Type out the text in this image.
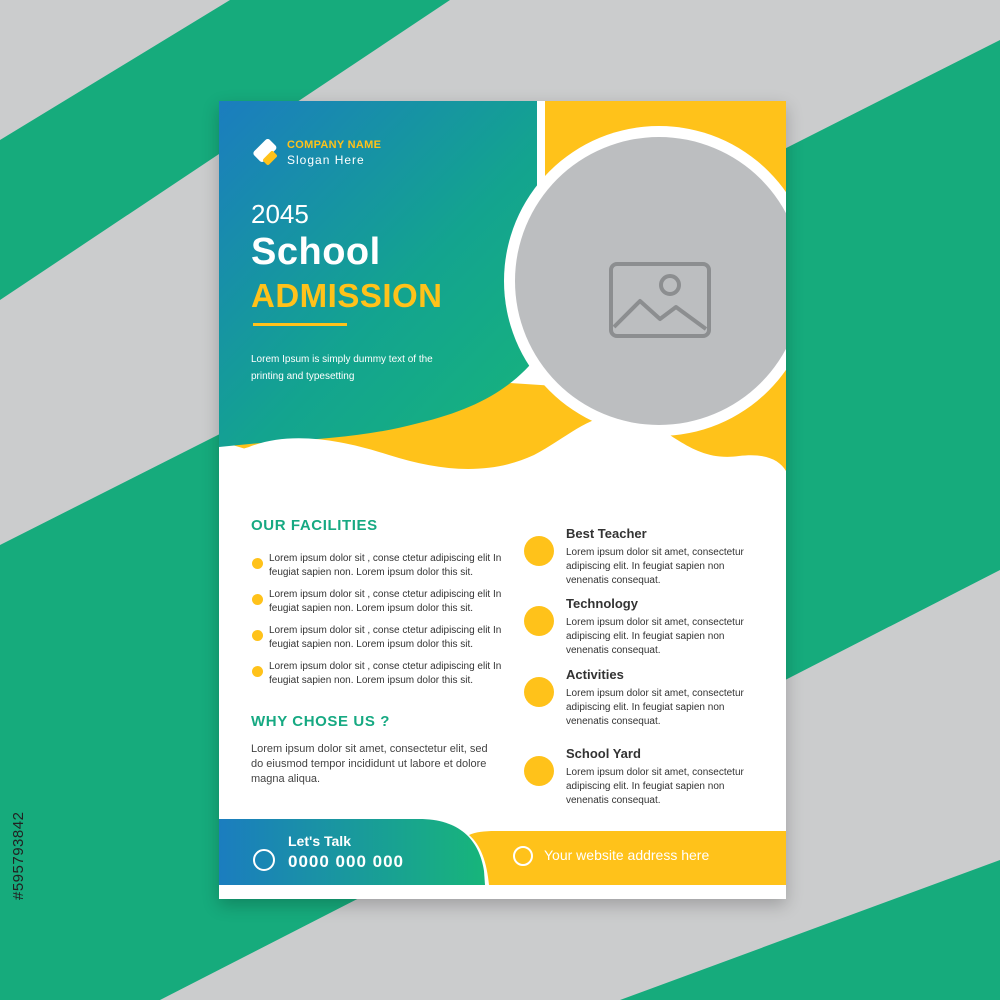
COMPANY NAME
Slogan Here
2045
School
ADMISSION

Lorem Ipsum is simply dummy text of the printing and typesetting

OUR FACILITIES

Lorem ipsum dolor sit , conse ctetur adipiscing elit In feugiat sapien non. Lorem ipsum dolor this sit.

Lorem ipsum dolor sit , conse ctetur adipiscing elit In feugiat sapien non. Lorem ipsum dolor this sit.

Lorem ipsum dolor sit , conse ctetur adipiscing elit In feugiat sapien non. Lorem ipsum dolor this sit.

Lorem ipsum dolor sit , conse ctetur adipiscing elit In feugiat sapien non. Lorem ipsum dolor this sit.

WHY CHOSE US ?

Lorem ipsum dolor sit amet, consectetur elit, sed do eiusmod tempor incididunt ut labore et dolore magna aliqua.

Best Teacher

Lorem ipsum dolor sit amet, consectetur adipiscing elit. In feugiat sapien non venenatis consequat.

Technology

Lorem ipsum dolor sit amet, consectetur adipiscing elit. In feugiat sapien non venenatis consequat.

Activities

Lorem ipsum dolor sit amet, consectetur adipiscing elit. In feugiat sapien non venenatis consequat.

School Yard

Lorem ipsum dolor sit amet, consectetur adipiscing elit. In feugiat sapien non venenatis consequat.

Let's Talk
0000 000 000	Your website address here
#595793842
